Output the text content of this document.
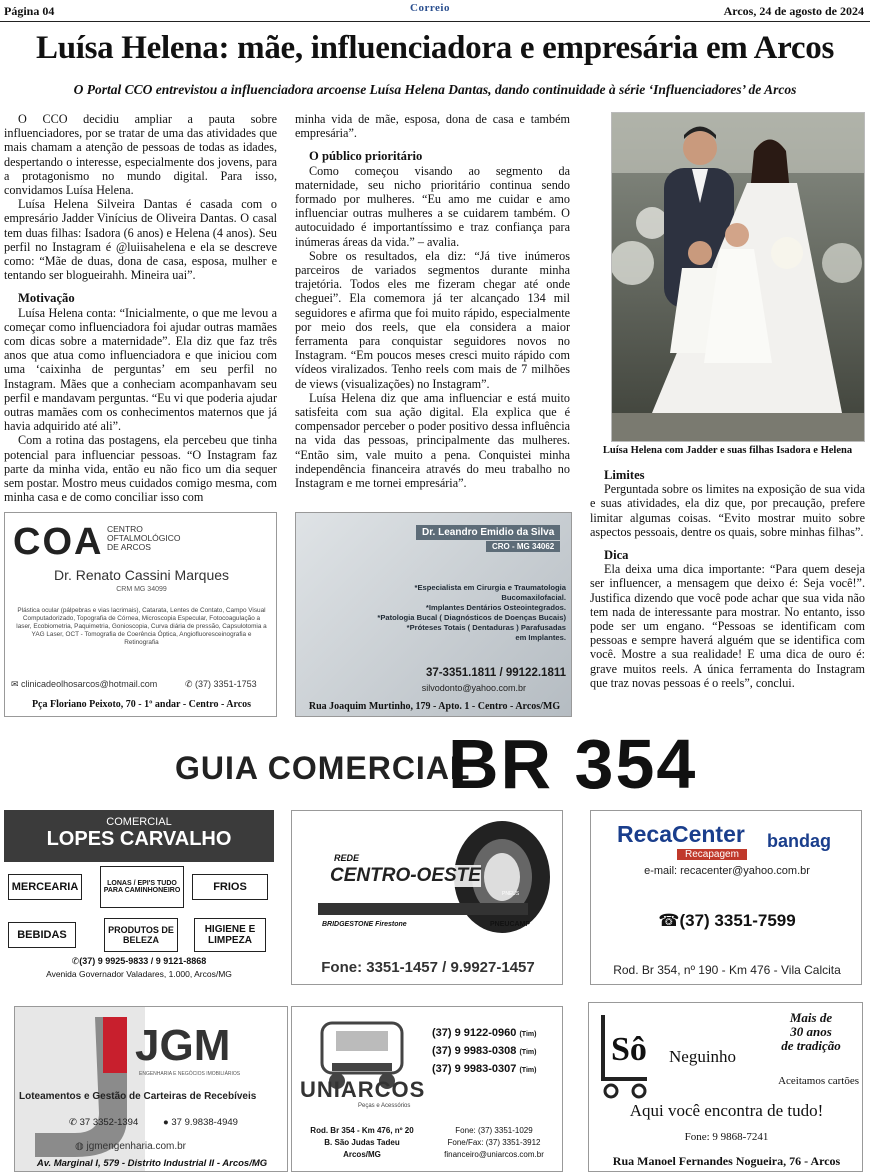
Página 04	Correio	Arcos, 24 de agosto de 2024
Luísa Helena: mãe, influenciadora e empresária em Arcos
O Portal CCO entrevistou a influenciadora arcoense Luísa Helena Dantas, dando continuidade à série ‘Influenciadores’ de Arcos

O CCO decidiu ampliar a pauta sobre influenciadores, por se tratar de uma das atividades que mais chamam a atenção de pessoas de todas as idades, despertando o interesse, especialmente dos jovens, para a protagonismo no mundo digital. Para isso, convidamos Luísa Helena.

Luísa Helena Silveira Dantas é casada com o empresário Jadder Vinícius de Oliveira Dantas. O casal tem duas filhas: Isadora (6 anos) e Helena (4 anos). Seu perfil no Instagram é @luiisahelena e ela se descreve como: “Mãe de duas, dona de casa, esposa, mulher e tentando ser blogueirahh. Mineira uai”.

Motivação

Luísa Helena conta: “Inicialmente, o que me levou a começar como influenciadora foi ajudar outras mamães com dicas sobre a maternidade”. Ela diz que faz três anos que atua como influenciadora e que iniciou com uma ‘caixinha de perguntas’ em seu perfil no Instagram. Mães que a conheciam acompanhavam seu perfil e mandavam perguntas. “Eu vi que poderia ajudar outras mamães com os conhecimentos maternos que já havia adquirido até ali”.

Com a rotina das postagens, ela percebeu que tinha potencial para influenciar pessoas. “O Instagram faz parte da minha vida, então eu não fico um dia sequer sem postar. Mostro meus cuidados comigo mesma, com minha casa e de como conciliar isso com

minha vida de mãe, esposa, dona de casa e também empresária”.

O público prioritário

Como começou visando ao segmento da maternidade, seu nicho prioritário continua sendo formado por mulheres. “Eu amo me cuidar e amo influenciar outras mulheres a se cuidarem também. O autocuidado é importantíssimo e traz confiança para inúmeras áreas da vida.” – avalia.

Sobre os resultados, ela diz: “Já tive inúmeros parceiros de variados segmentos durante minha trajetória. Todos eles me fizeram chegar até onde cheguei”. Ela comemora já ter alcançado 134 mil seguidores e afirma que foi muito rápido, especialmente por meio dos reels, que ela considera a maior ferramenta para conquistar seguidores novos no Instagram. “Em poucos meses cresci muito rápido com vídeos viralizados. Tenho reels com mais de 7 milhões de views (visualizações) no Instagram”.

Luísa Helena diz que ama influenciar e está muito satisfeita com sua ação digital. Ela explica que é compensador perceber o poder positivo dessa influência na vida das pessoas, principalmente das mulheres. “Então sim, vale muito a pena. Conquistei minha independência financeira através do meu trabalho no Instagram e me tornei empresária”.

Luísa Helena com Jadder e suas filhas Isadora e Helena
Limites

Perguntada sobre os limites na exposição de sua vida e suas atividades, ela diz que, por precaução, prefere limitar algumas coisas. “Evito mostrar muito sobre aspectos pessoais, dentre os quais, sobre minhas filhas”.

Dica

Ela deixa uma dica importante: “Para quem deseja ser influencer, a mensagem que deixo é: Seja você!”. Justifica dizendo que você pode achar que sua vida não tem nada de interessante para mostrar. No entanto, isso pode ser um engano. “Pessoas se identificam com pessoas e sempre haverá alguém que se identifica com você. Mostre a sua realidade! E uma dica de ouro é: grave muitos reels. A única ferramenta do Instagram que traz novas pessoas é o reels”, conclui.

COA CENTRO
OFTALMOLÓGICO
DE ARCOS
Dr. Renato Cassini Marques
CRM MG 34099
Plástica ocular (pálpebras e vias lacrimais), Catarata, Lentes de Contato, Campo Visual Computadorizado, Topografia de Córnea, Microscopia Especular, Fotocoagulação a laser, Ecobiometria, Paquimetria, Gonioscopia, Curva diária de pressão, Capsulotomia a YAG Laser, OCT - Tomografia de Coerência Óptica, Angiofluoresceinografia e Retinografia
✉ clinicadeolhosarcos@hotmail.com	✆ (37) 3351-1753
Pça Floriano Peixoto, 70 - 1º andar - Centro - Arcos
Dr. Leandro Emidio da Silva
CRO - MG 34062
*Especialista em Cirurgia e Traumatologia
Bucomaxilofacial.
*Implantes Dentários Osteointegrados.
*Patologia Bucal ( Diagnósticos de Doenças Bucais)
*Próteses Totais ( Dentaduras ) Parafusadas
em Implantes.
37-3351.1811 / 99122.1811
silvodonto@yahoo.com.br
Rua Joaquim Murtinho, 179 - Apto. 1 - Centro - Arcos/MG
GUIA COMERCIAL
BR 354
COMERCIAL
LOPES CARVALHO
MERCEARIA	LONAS / EPI'S TUDO PARA CAMINHONEIRO	FRIOS
BEBIDAS	PRODUTOS DE BELEZA
HIGIENE E LIMPEZA
✆(37) 9 9925-9833 / 9 9121-8868
Avenida Governador Valadares, 1.000, Arcos/MG
REDE
CENTRO-OESTE
PNEUS
BRIDGESTONE Firestone	PNEUCAMP
Fone: 3351-1457 / 9.9927-1457
RecaCenter
Recapagem
bandag
e-mail: recacenter@yahoo.com.br
☎(37) 3351-7599
Rod. Br 354, nº 190 - Km 476 - Vila Calcita
JGM
ENGENHARIA E NEGÓCIOS IMOBILIÁRIOS
Loteamentos e Gestão de Carteiras de Recebíveis
✆ 37 3352-1394	● 37 9.9838-4949
◍ jgmengenharia.com.br
Av. Marginal I, 579 - Distrito Industrial II - Arcos/MG
(37) 9 9122-0960 (Tim)
(37) 9 9983-0308 (Tim)
(37) 9 9983-0307 (Tim)
UNIARCOS
Peças e Acessórios
Rod. Br 354 - Km 476, nº 20
B. São Judas Tadeu
Arcos/MG
Fone: (37) 3351-1029
Fone/Fax: (37) 3351-3912
financeiro@uniarcos.com.br
Sô Neguinho
Mais de
30 anos
de tradição
Aceitamos cartões
Aqui você encontra de tudo!
Fone: 9 9868-7241
Rua Manoel Fernandes Nogueira, 76 - Arcos
